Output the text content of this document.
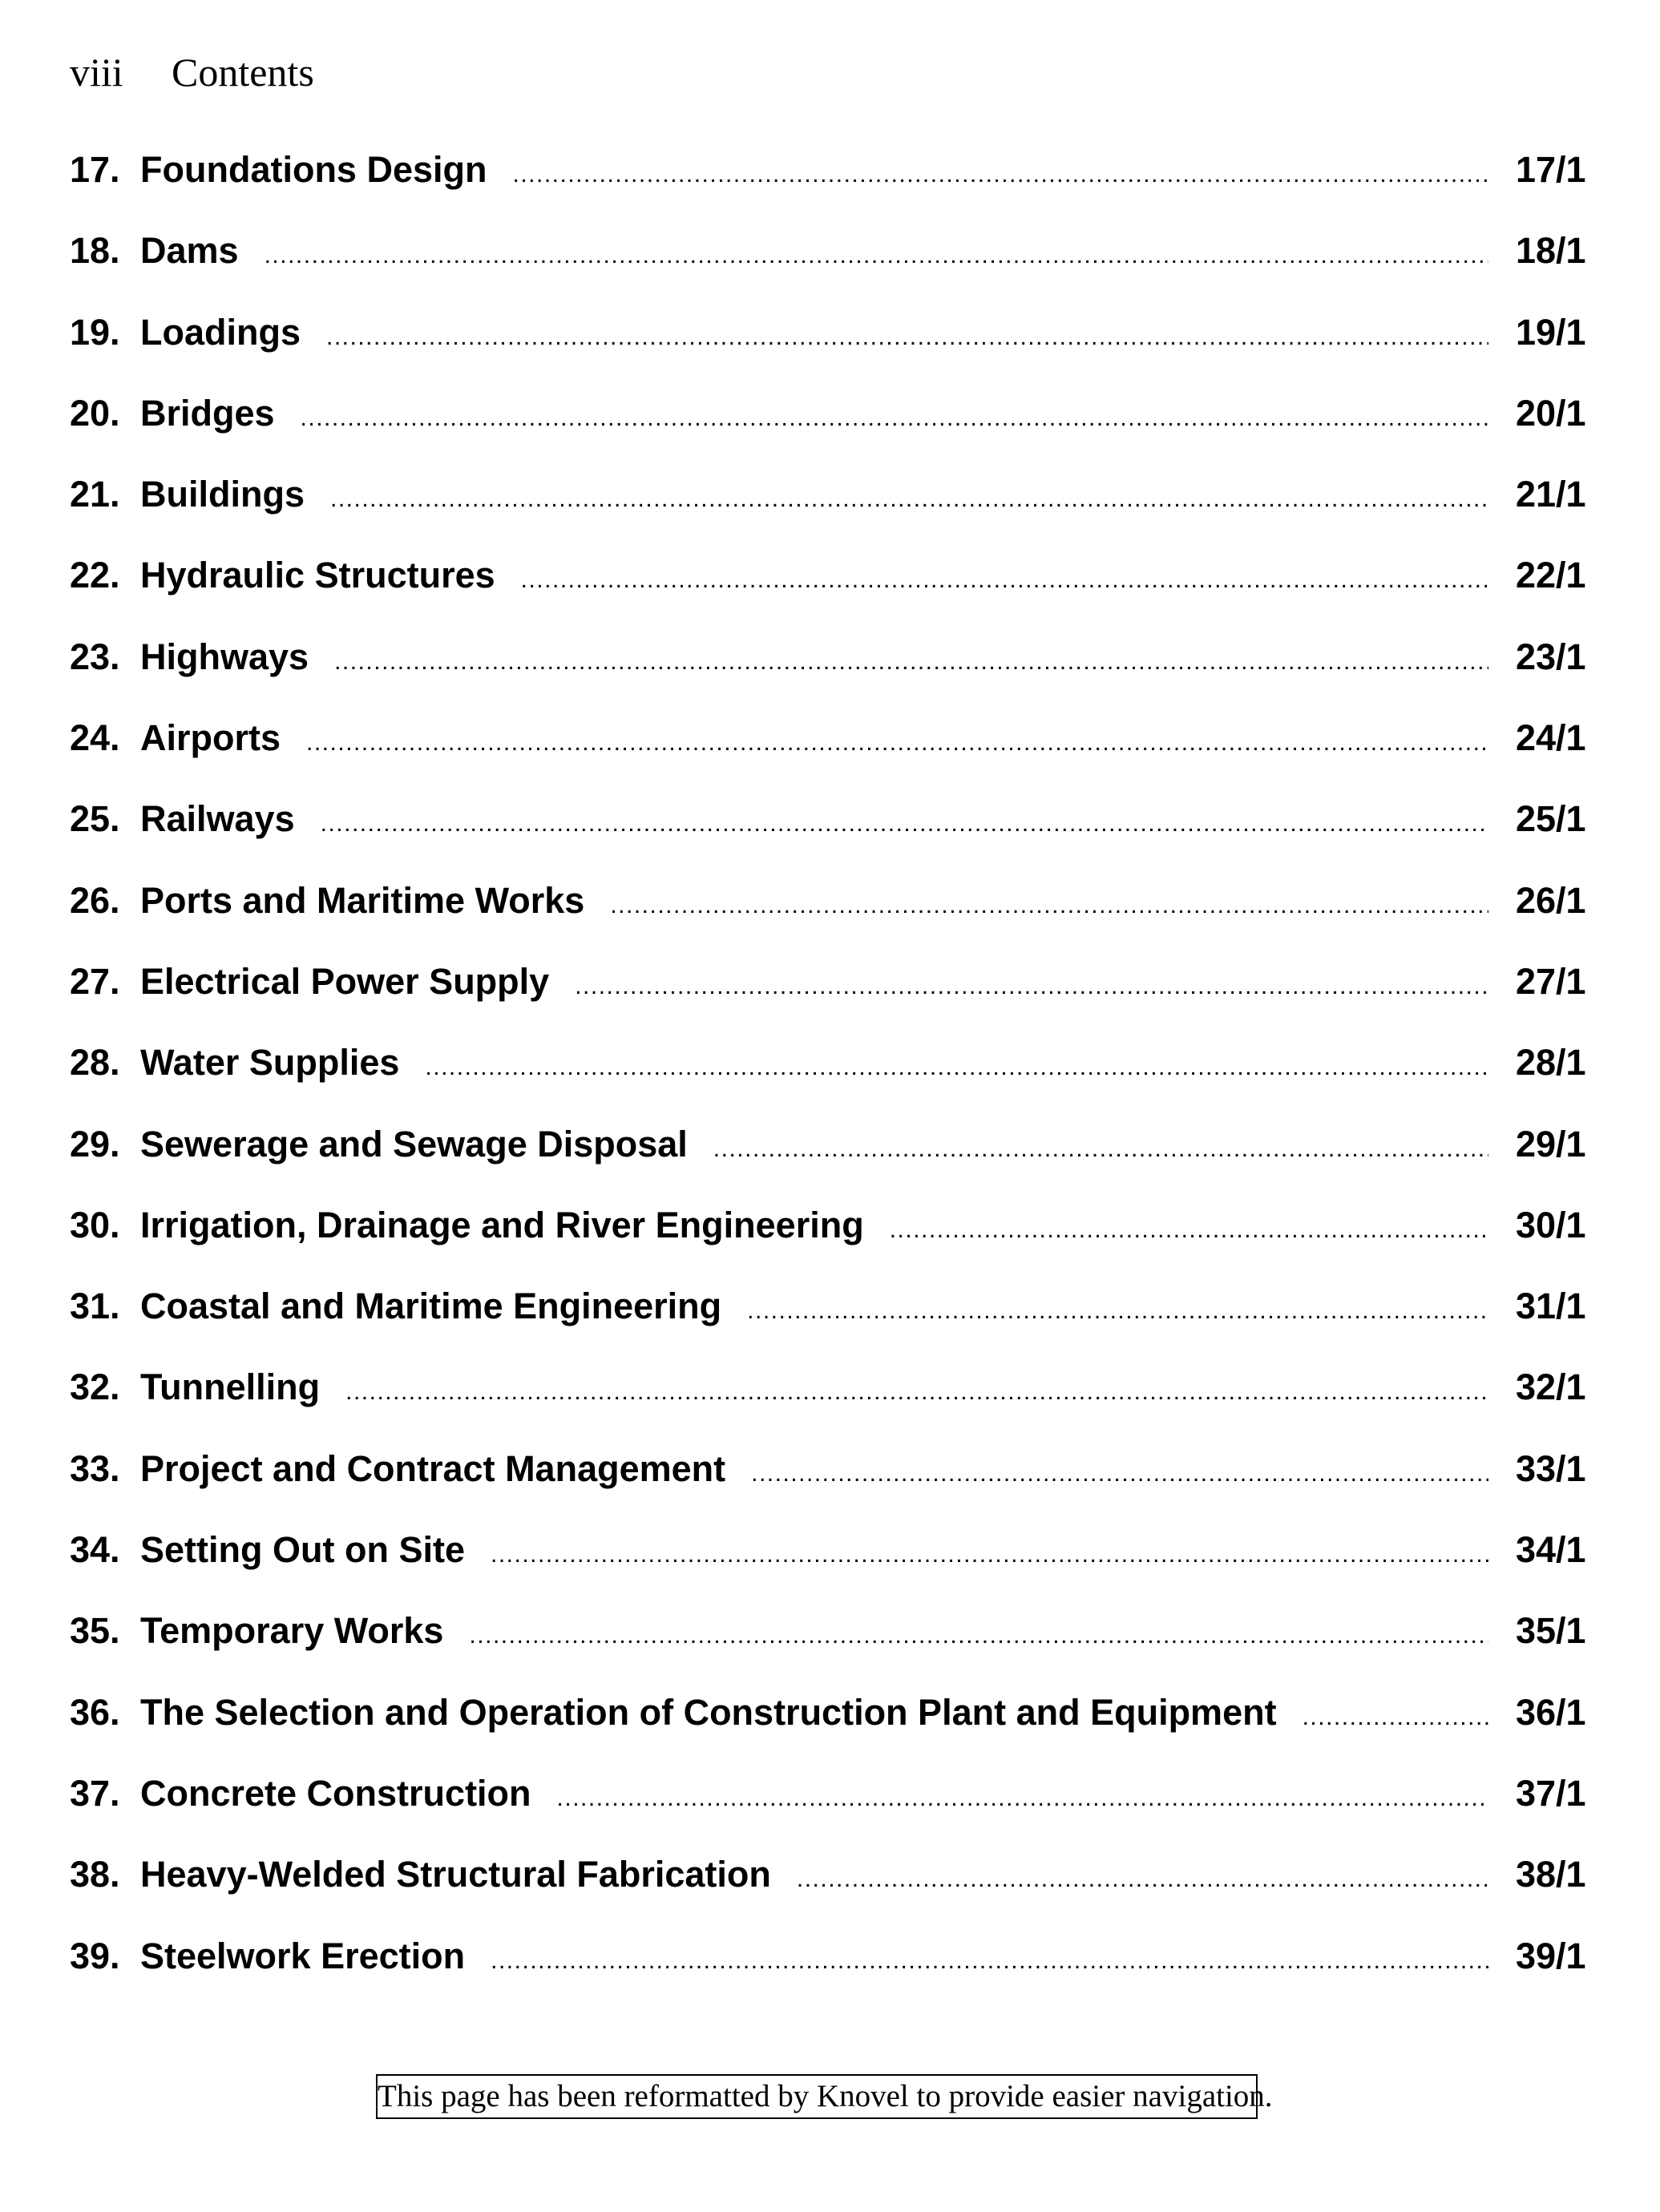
viii Contents
17. Foundations Design .....	17/1
18. Dams .....	18/1
19. Loadings .....	19/1
20. Bridges .....	20/1
21. Buildings .....	21/1
22. Hydraulic Structures .....	22/1
23. Highways .....	23/1
24. Airports .....	24/1
25. Railways .....	25/1
26. Ports and Maritime Works .....	26/1
27. Electrical Power Supply .....	27/1
28. Water Supplies .....	28/1
29. Sewerage and Sewage Disposal .....	29/1
30. Irrigation, Drainage and River Engineering .....	30/1
31. Coastal and Maritime Engineering .....	31/1
32. Tunnelling .....	32/1
33. Project and Contract Management .....	33/1
34. Setting Out on Site .....	34/1
35. Temporary Works .....	35/1
36. The Selection and Operation of Construction Plant and Equipment .....	36/1
37. Concrete Construction .....	37/1
38. Heavy-Welded Structural Fabrication .....	38/1
39. Steelwork Erection .....	39/1
This page has been reformatted by Knovel to provide easier navigation.
